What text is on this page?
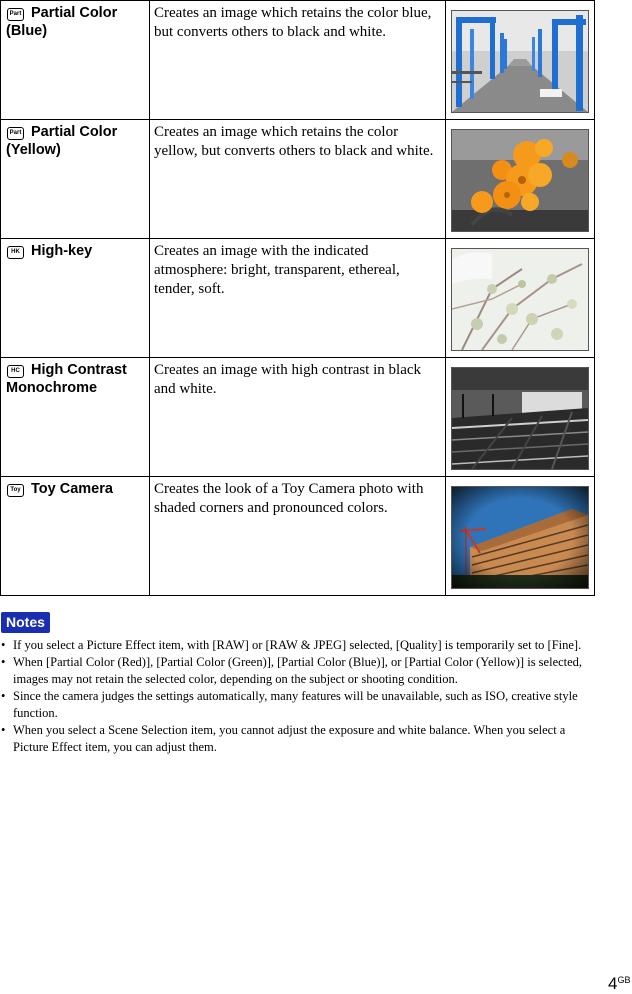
Part Partial Color (Blue)	Creates an image which retains the color blue, but converts others to black and white.

Part Partial Color (Yellow)	Creates an image which retains the color yellow, but converts others to black and white.

HK High-key	Creates an image with the indicated atmosphere: bright, transparent, ethereal, tender, soft.

HC High Contrast Monochrome	Creates an image with high contrast in black and white.

Toy Toy Camera	Creates the look of a Toy Camera photo with shaded corners and pronounced colors.

Notes
• If you select a Picture Effect item, with [RAW] or [RAW & JPEG] selected, [Quality] is temporarily set to [Fine].
• When [Partial Color (Red)], [Partial Color (Green)], [Partial Color (Blue)], or [Partial Color (Yellow)] is selected, images may not retain the selected color, depending on the subject or shooting condition.
• Since the camera judges the settings automatically, many features will be unavailable, such as ISO, creative style function.
• When you select a Scene Selection item, you cannot adjust the exposure and white balance. When you select a Picture Effect item, you can adjust them.
$4^{GB}$
